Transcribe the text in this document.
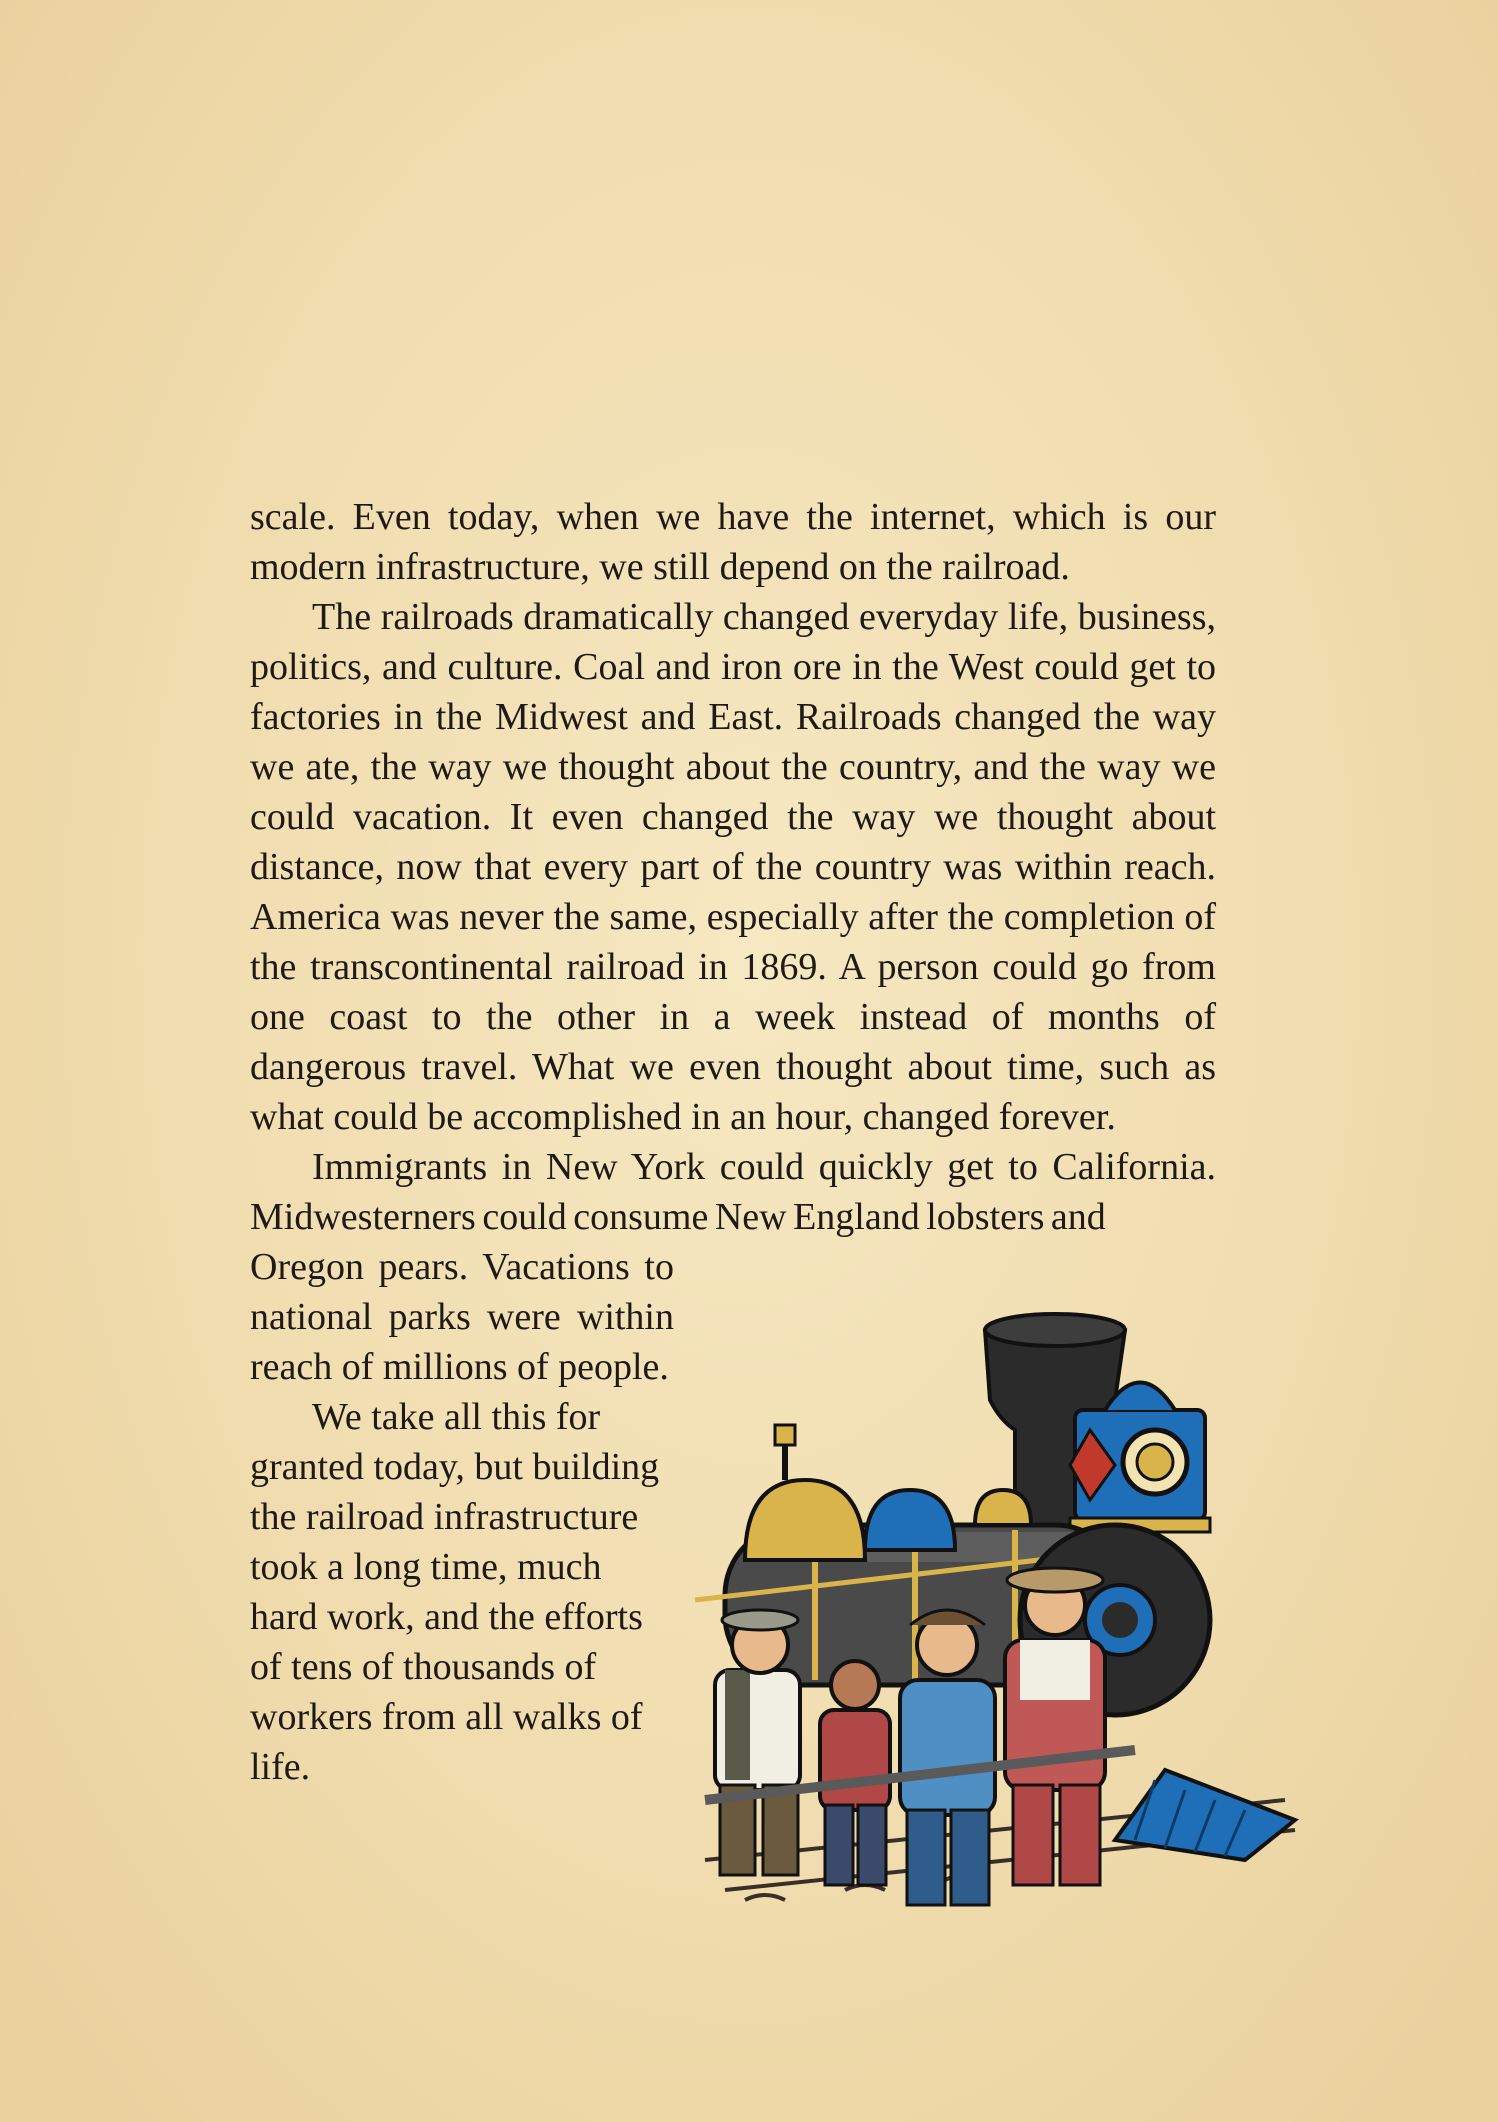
scale. Even today, when we have the internet, which is our modern infrastructure, we still depend on the railroad.

The railroads dramatically changed everyday life, business, politics, and culture. Coal and iron ore in the West could get to factories in the Midwest and East. Railroads changed the way we ate, the way we thought about the country, and the way we could vacation. It even changed the way we thought about distance, now that every part of the country was within reach. America was never the same, especially after the completion of the transcontinental railroad in 1869. A person could go from one coast to the other in a week instead of months of dangerous travel. What we even thought about time, such as what could be accomplished in an hour, changed forever.

Immigrants in New York could quickly get to California. Midwesterners could consume New England lobsters and

Oregon pears. Vacations to national parks were within reach of millions of people.

We take all this for granted today, but building the railroad infrastructure took a long time, much hard work, and the efforts of tens of thousands of workers from all walks of life.
